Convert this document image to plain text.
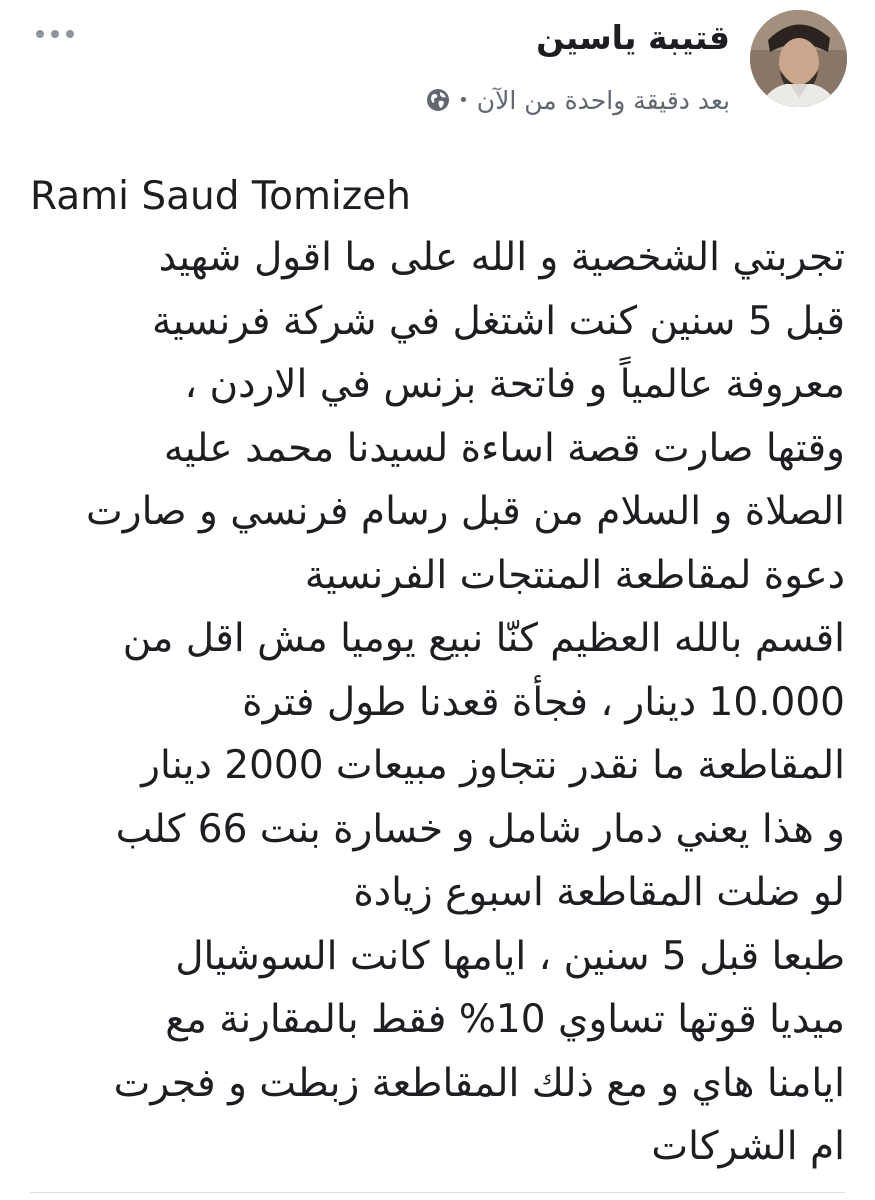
قتيبة ياسين
بعد دقيقة واحدة من الآن
•

Rami Saud Tomizeh

تجربتي الشخصية و الله على ما اقول شهيد

قبل 5 سنين كنت اشتغل في شركة فرنسية

معروفة عالمياً و فاتحة بزنس في الاردن ،

وقتها صارت قصة اساءة لسيدنا محمد عليه

الصلاة و السلام من قبل رسام فرنسي و صارت

دعوة لمقاطعة المنتجات الفرنسية

اقسم بالله العظيم كنّا نبيع يوميا مش اقل من

10.000 دينار ، فجأة قعدنا طول فترة

المقاطعة ما نقدر نتجاوز مبيعات 2000 دينار

و هذا يعني دمار شامل و خسارة بنت 66 كلب

لو ضلت المقاطعة اسبوع زيادة

طبعا قبل 5 سنين ، ايامها كانت السوشيال

ميديا قوتها تساوي 10% فقط بالمقارنة مع

ايامنا هاي و مع ذلك المقاطعة زبطت و فجرت

ام الشركات
